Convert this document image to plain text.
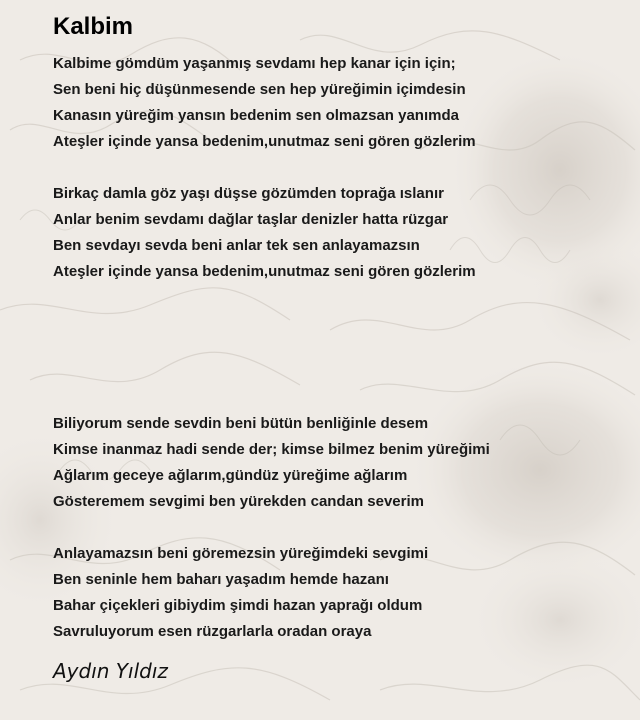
Kalbim
Kalbime gömdüm yaşanmış sevdamı hep kanar için için;
Sen beni hiç düşünmesende sen hep yüreğimin içimdesin
Kanasın yüreğim yansın bedenim sen olmazsan yanımda
Ateşler içinde yansa bedenim,unutmaz seni gören gözlerim
Birkaç damla göz yaşı düşse gözümden toprağa ıslanır
Anlar benim sevdamı dağlar taşlar denizler hatta rüzgar
Ben sevdayı sevda beni anlar tek sen anlayamazsın
Ateşler içinde yansa bedenim,unutmaz seni gören gözlerim
Biliyorum sende sevdin beni bütün benliğinle desem
Kimse inanmaz hadi sende der; kimse bilmez benim yüreğimi
Ağlarım geceye ağlarım,gündüz yüreğime ağlarım
Gösteremem sevgimi ben yürekden candan severim
Anlayamazsın beni göremezsin yüreğimdeki sevgimi
Ben seninle hem baharı yaşadım hemde hazanı
Bahar çiçekleri gibiydim şimdi hazan yaprağı oldum
Savruluyorum esen rüzgarlarla oradan oraya
Aydın Yıldız
